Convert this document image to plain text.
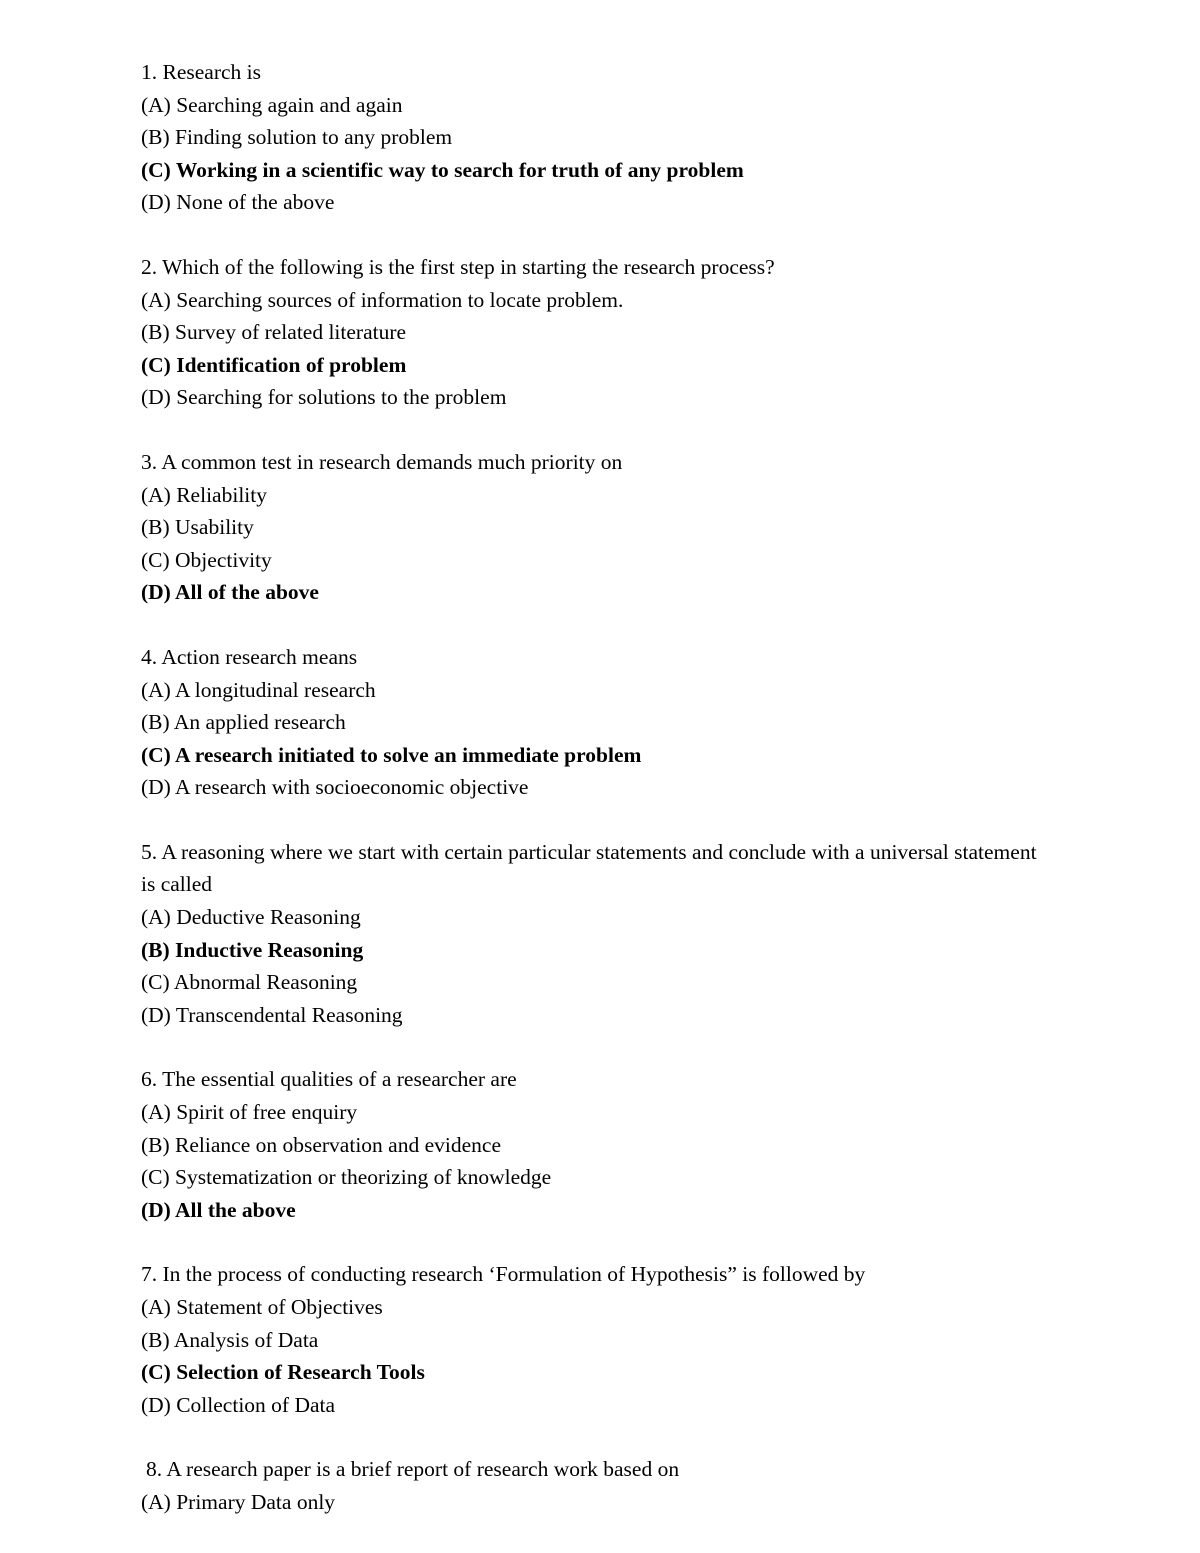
1. Research is
(A) Searching again and again
(B) Finding solution to any problem
(C) Working in a scientific way to search for truth of any problem
(D) None of the above
2. Which of the following is the first step in starting the research process?
(A) Searching sources of information to locate problem.
(B) Survey of related literature
(C) Identification of problem
(D) Searching for solutions to the problem
3. A common test in research demands much priority on
(A) Reliability
(B) Usability
(C) Objectivity
(D) All of the above
4. Action research means
(A) A longitudinal research
(B) An applied research
(C) A research initiated to solve an immediate problem
(D) A research with socioeconomic objective
5. A reasoning where we start with certain particular statements and conclude with a universal statement is called
(A) Deductive Reasoning
(B) Inductive Reasoning
(C) Abnormal Reasoning
(D) Transcendental Reasoning
6. The essential qualities of a researcher are
(A) Spirit of free enquiry
(B) Reliance on observation and evidence
(C) Systematization or theorizing of knowledge
(D) All the above
7. In the process of conducting research ‘Formulation of Hypothesis” is followed by
(A) Statement of Objectives
(B) Analysis of Data
(C) Selection of Research Tools
(D) Collection of Data
8. A research paper is a brief report of research work based on
(A) Primary Data only
